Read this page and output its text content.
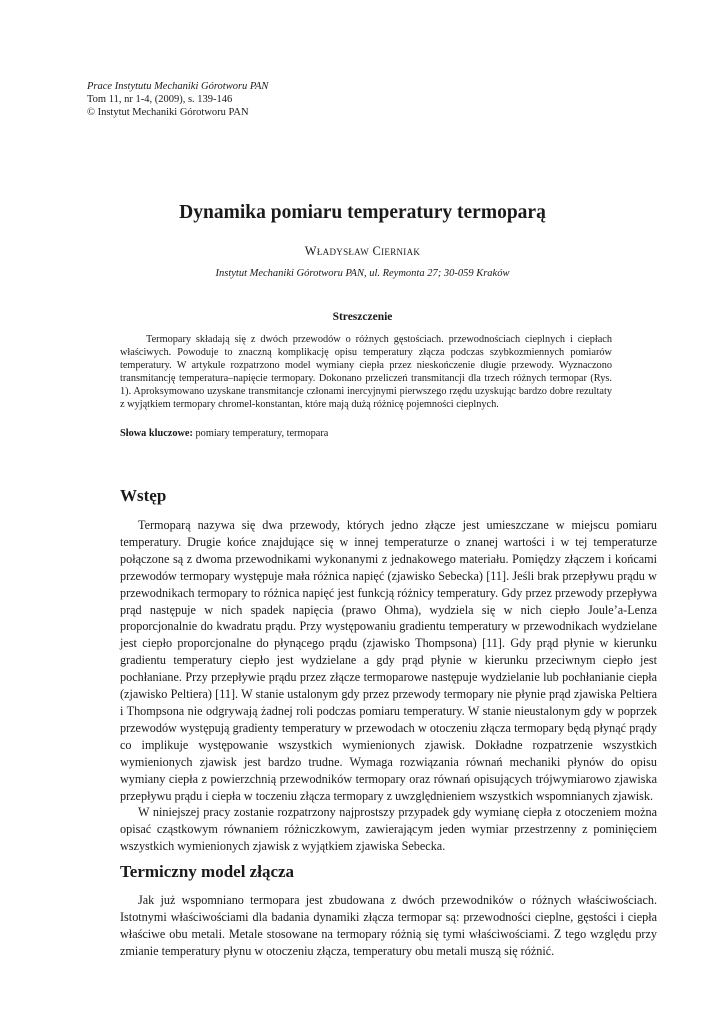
Prace Instytutu Mechaniki Górotworu PAN
Tom 11, nr 1-4, (2009), s. 139-146
© Instytut Mechaniki Górotworu PAN
Dynamika pomiaru temperatury termoparą
Władysław Cierniak
Instytut Mechaniki Górotworu PAN, ul. Reymonta 27; 30-059 Kraków
Streszczenie

Termopary składają się z dwóch przewodów o różnych gęstościach. przewodnościach cieplnych i ciepłach właściwych. Powoduje to znaczną komplikację opisu temperatury złącza podczas szybkozmiennych pomiarów temperatury. W artykule rozpatrzono model wymiany ciepła przez nieskończenie długie przewody. Wyznaczono transmitancję temperatura–napięcie termopary. Dokonano przeliczeń transmitancji dla trzech różnych termopar (Rys. 1). Aproksymowano uzyskane transmitancje członami inercyjnymi pierwszego rzędu uzyskując bardzo dobre rezultaty z wyjątkiem termopary chromel-konstantan, które mają dużą różnicę pojemności cieplnych.

Słowa kluczowe: pomiary temperatury, termopara

Wstęp

Termoparą nazywa się dwa przewody, których jedno złącze jest umieszczane w miejscu pomiaru temperatury. Drugie końce znajdujące się w innej temperaturze o znanej wartości i w tej temperaturze połączone są z dwoma przewodnikami wykonanymi z jednakowego materiału. Pomiędzy złączem i końcami przewodów termopary występuje mała różnica napięć (zjawisko Sebecka) [11]. Jeśli brak przepływu prądu w przewodnikach termopary to różnica napięć jest funkcją różnicy temperatury. Gdy przez przewody przepływa prąd następuje w nich spadek napięcia (prawo Ohma), wydziela się w nich ciepło Joule’a-Lenza proporcjonalnie do kwadratu prądu. Przy występowaniu gradientu temperatury w przewodnikach wydzielane jest ciepło proporcjonalne do płynącego prądu (zjawisko Thompsona) [11]. Gdy prąd płynie w kierunku gradientu temperatury ciepło jest wydzielane a gdy prąd płynie w kierunku przeciwnym ciepło jest pochłaniane. Przy przepływie prądu przez złącze termoparowe następuje wydzielanie lub pochłanianie ciepła (zjawisko Peltiera) [11]. W stanie ustalonym gdy przez przewody termopary nie płynie prąd zjawiska Peltiera i Thompsona nie odgrywają żadnej roli podczas pomiaru temperatury. W stanie nieustalonym gdy w poprzek przewodów występują gradienty temperatury w przewodach w otoczeniu złącza termopary będą płynąć prądy co implikuje występowanie wszystkich wymienionych zjawisk. Dokładne rozpatrzenie wszystkich wymienionych zjawisk jest bardzo trudne. Wymaga rozwiązania równań mechaniki płynów do opisu wymiany ciepła z powierzchnią przewodników termopary oraz równań opisujących trójwymiarowo zjawiska przepływu prądu i ciepła w toczeniu złącza termopary z uwzględnieniem wszystkich wspomnianych zjawisk.

W niniejszej pracy zostanie rozpatrzony najprostszy przypadek gdy wymianę ciepła z otoczeniem można opisać cząstkowym równaniem różniczkowym, zawierającym jeden wymiar przestrzenny z pominięciem wszystkich wymienionych zjawisk z wyjątkiem zjawiska Sebecka.

Termiczny model złącza

Jak już wspomniano termopara jest zbudowana z dwóch przewodników o różnych właściwościach. Istotnymi właściwościami dla badania dynamiki złącza termopar są: przewodności cieplne, gęstości i ciepła właściwe obu metali. Metale stosowane na termopary różnią się tymi właściwościami. Z tego względu przy zmianie temperatury płynu w otoczeniu złącza, temperatury obu metali muszą się różnić.
